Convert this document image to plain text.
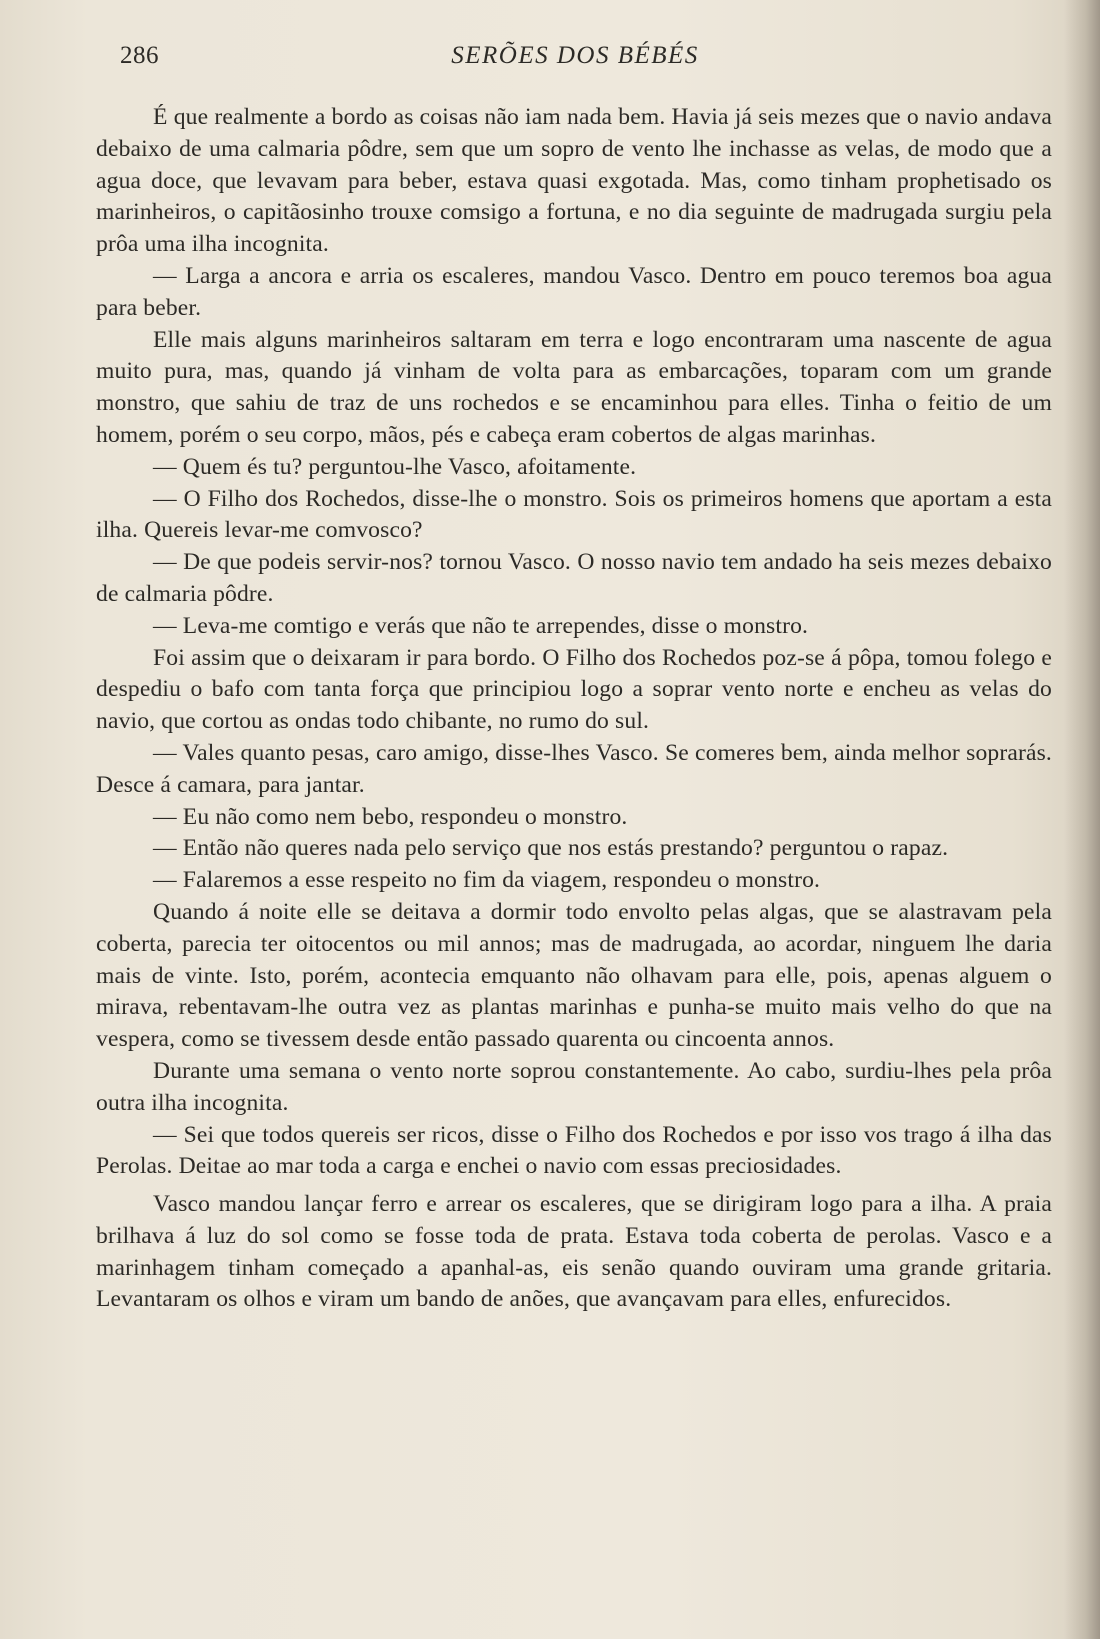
286	SERÕES DOS BÉBÉS

É que realmente a bordo as coisas não iam nada bem. Havia já seis mezes que o navio andava debaixo de uma calmaria pôdre, sem que um sopro de vento lhe inchasse as velas, de modo que a agua doce, que levavam para beber, estava quasi exgotada. Mas, como tinham prophetisado os marinheiros, o capitãosinho trouxe comsigo a fortuna, e no dia seguinte de madrugada surgiu pela prôa uma ilha incognita.

— Larga a ancora e arria os escaleres, mandou Vasco. Dentro em pouco teremos boa agua para beber.

Elle mais alguns marinheiros saltaram em terra e logo encontraram uma nascente de agua muito pura, mas, quando já vinham de volta para as embarcações, toparam com um grande monstro, que sahiu de traz de uns rochedos e se encaminhou para elles. Tinha o feitio de um homem, porém o seu corpo, mãos, pés e cabeça eram cobertos de algas marinhas.

— Quem és tu? perguntou-lhe Vasco, afoitamente.

— O Filho dos Rochedos, disse-lhe o monstro. Sois os primeiros homens que aportam a esta ilha. Quereis levar-me comvosco?

— De que podeis servir-nos? tornou Vasco. O nosso navio tem andado ha seis mezes debaixo de calmaria pôdre.

— Leva-me comtigo e verás que não te arrependes, disse o monstro.

Foi assim que o deixaram ir para bordo. O Filho dos Rochedos poz-se á pôpa, tomou folego e despediu o bafo com tanta força que principiou logo a soprar vento norte e encheu as velas do navio, que cortou as ondas todo chibante, no rumo do sul.

— Vales quanto pesas, caro amigo, disse-lhes Vasco. Se comeres bem, ainda melhor soprarás. Desce á camara, para jantar.

— Eu não como nem bebo, respondeu o monstro.

— Então não queres nada pelo serviço que nos estás prestando? perguntou o rapaz.

— Falaremos a esse respeito no fim da viagem, respondeu o monstro.

Quando á noite elle se deitava a dormir todo envolto pelas algas, que se alastravam pela coberta, parecia ter oitocentos ou mil annos; mas de madrugada, ao acordar, ninguem lhe daria mais de vinte. Isto, porém, acontecia emquanto não olhavam para elle, pois, apenas alguem o mirava, rebentavam-lhe outra vez as plantas marinhas e punha-se muito mais velho do que na vespera, como se tivessem desde então passado quarenta ou cincoenta annos.

Durante uma semana o vento norte soprou constantemente. Ao cabo, surdiu-lhes pela prôa outra ilha incognita.

— Sei que todos quereis ser ricos, disse o Filho dos Rochedos e por isso vos trago á ilha das Perolas. Deitae ao mar toda a carga e enchei o navio com essas preciosidades.

Vasco mandou lançar ferro e arrear os escaleres, que se dirigiram logo para a ilha. A praia brilhava á luz do sol como se fosse toda de prata. Estava toda coberta de perolas. Vasco e a marinhagem tinham começado a apanhal-as, eis senão quando ouviram uma grande gritaria. Levantaram os olhos e viram um bando de anões, que avançavam para elles, enfurecidos.
